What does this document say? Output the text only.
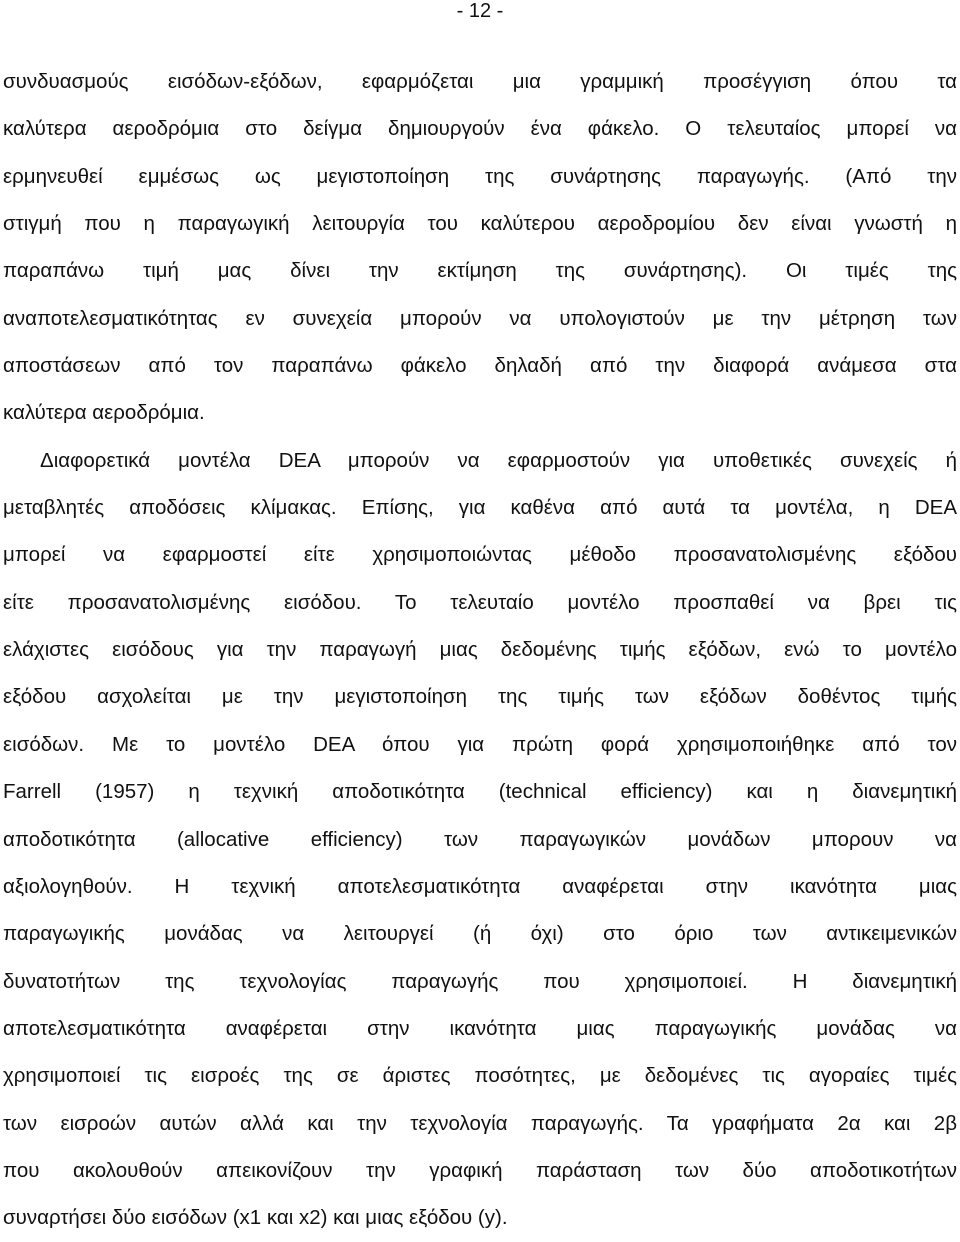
- 12 -
συνδυασμούς εισόδων-εξόδων, εφαρμόζεται μια γραμμική προσέγγιση όπου τα
καλύτερα αεροδρόμια στο δείγμα δημιουργούν ένα φάκελο. Ο τελευταίος μπορεί να
ερμηνευθεί εμμέσως ως μεγιστοποίηση της συνάρτησης παραγωγής. (Από την
στιγμή που η παραγωγική λειτουργία του καλύτερου αεροδρομίου δεν είναι γνωστή η
παραπάνω τιμή μας δίνει την εκτίμηση της συνάρτησης). Οι τιμές της
αναποτελεσματικότητας εν συνεχεία μπορούν να υπολογιστούν με την μέτρηση των
αποστάσεων από τον παραπάνω φάκελο δηλαδή από την διαφορά ανάμεσα στα
καλύτερα αεροδρόμια.
Διαφορετικά μοντέλα DEA μπορούν να εφαρμοστούν για υποθετικές συνεχείς ή
μεταβλητές αποδόσεις κλίμακας. Επίσης, για καθένα από αυτά τα μοντέλα, η DEA
μπορεί να εφαρμοστεί είτε χρησιμοποιώντας μέθοδο προσανατολισμένης εξόδου
είτε προσανατολισμένης εισόδου. Το τελευταίο μοντέλο προσπαθεί να βρει τις
ελάχιστες εισόδους για την παραγωγή μιας δεδομένης τιμής εξόδων, ενώ το μοντέλο
εξόδου ασχολείται με την μεγιστοποίηση της τιμής των εξόδων δοθέντος τιμής
εισόδων. Με το μοντέλο DEA όπου για πρώτη φορά χρησιμοποιήθηκε από τον
Farrell (1957) η τεχνική αποδοτικότητα (technical efficiency) και η διανεμητική
αποδοτικότητα (allocative efficiency) των παραγωγικών μονάδων μπορουν να
αξιολογηθούν. Η τεχνική αποτελεσματικότητα αναφέρεται στην ικανότητα μιας
παραγωγικής μονάδας να λειτουργεί (ή όχι) στο όριο των αντικειμενικών
δυνατοτήτων της τεχνολογίας παραγωγής που χρησιμοποιεί. Η διανεμητική
αποτελεσματικότητα αναφέρεται στην ικανότητα μιας παραγωγικής μονάδας να
χρησιμοποιεί τις εισροές της σε άριστες ποσότητες, με δεδομένες τις αγοραίες τιμές
των εισροών αυτών αλλά και την τεχνολογία παραγωγής. Τα γραφήματα 2α και 2β
που ακολουθούν απεικονίζουν την γραφική παράσταση των δύο αποδοτικοτήτων
συναρτήσει δύο εισόδων (x1 και x2) και μιας εξόδου (y).
